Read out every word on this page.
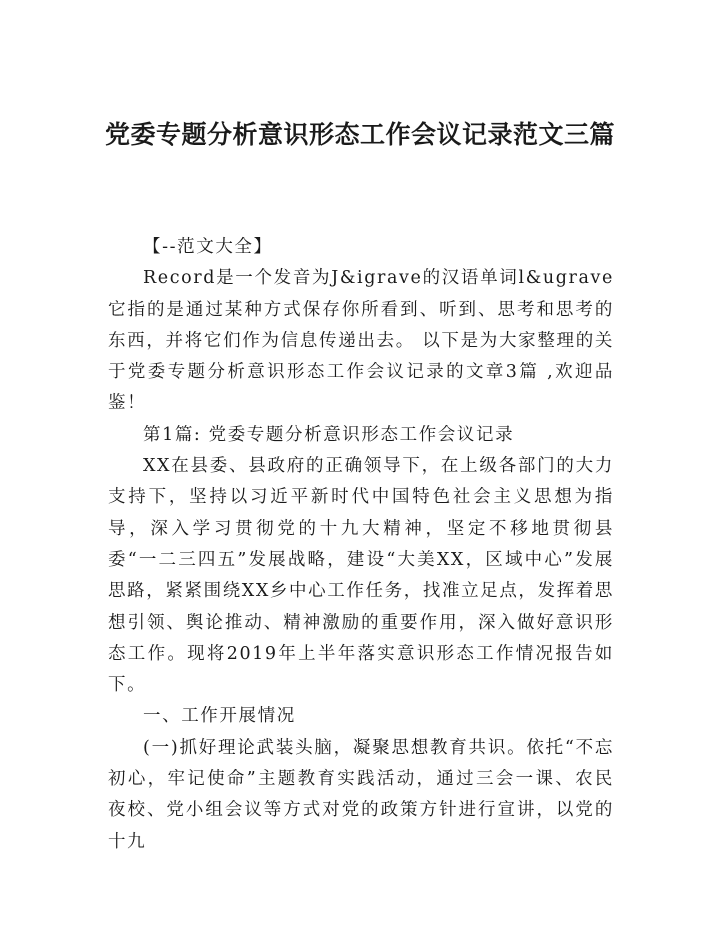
党委专题分析意识形态工作会议记录范文三篇

【--范文大全】

Record是一个发音为J&igrave的汉语单词l&ugrave它指的是通过某种方式保存你所看到、听到、思考和思考的东西，并将它们作为信息传递出去。 以下是为大家整理的关于党委专题分析意识形态工作会议记录的文章3篇 ,欢迎品鉴！

第1篇: 党委专题分析意识形态工作会议记录

XX在县委、县政府的正确领导下，在上级各部门的大力支持下，坚持以习近平新时代中国特色社会主义思想为指导，深入学习贯彻党的十九大精神，坚定不移地贯彻县委“一二三四五”发展战略，建设“大美XX，区域中心”发展思路，紧紧围绕XX乡中心工作任务，找准立足点，发挥着思想引领、舆论推动、精神激励的重要作用，深入做好意识形态工作。现将2019年上半年落实意识形态工作情况报告如下。

一、工作开展情况

(一)抓好理论武装头脑，凝聚思想教育共识。依托“不忘初心，牢记使命”主题教育实践活动，通过三会一课、农民夜校、党小组会议等方式对党的政策方针进行宣讲，以党的十九
